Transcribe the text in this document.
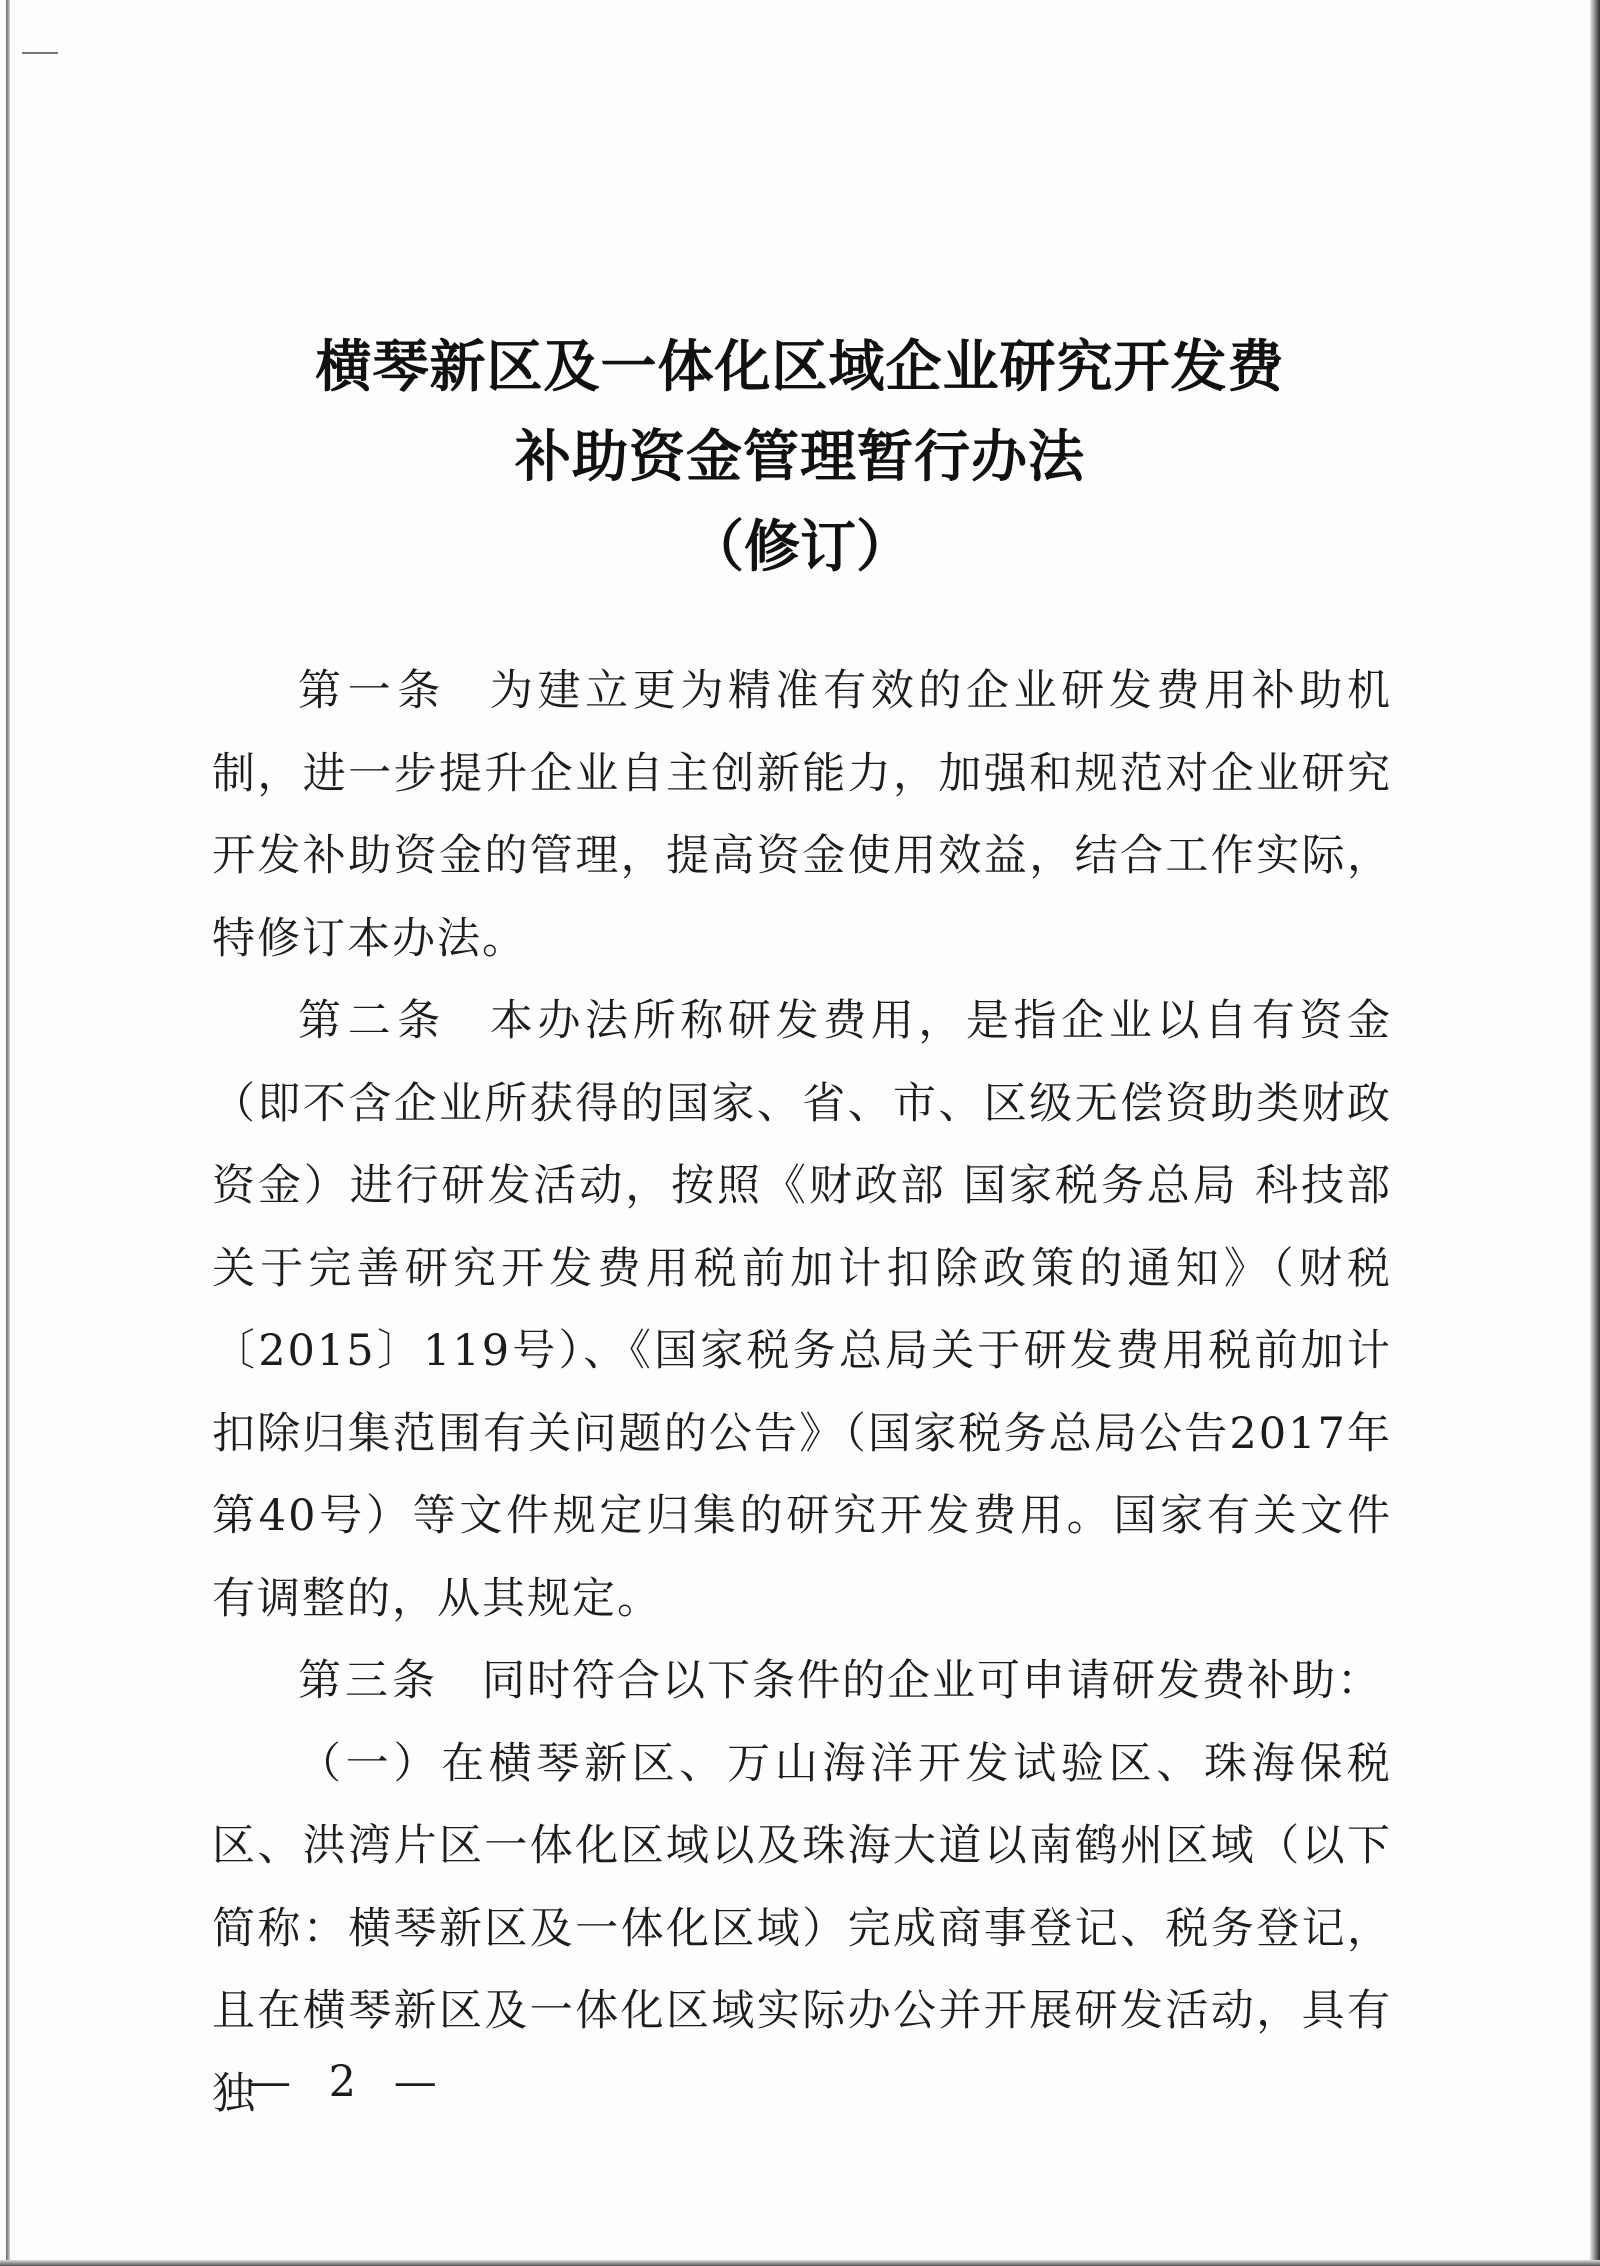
横琴新区及一体化区域企业研究开发费
补助资金管理暂行办法
（修订）

第一条 为建立更为精准有效的企业研发费用补助机制，进一步提升企业自主创新能力，加强和规范对企业研究开发补助资金的管理，提高资金使用效益，结合工作实际，特修订本办法。

第二条 本办法所称研发费用，是指企业以自有资金（即不含企业所获得的国家、省、市、区级无偿资助类财政资金）进行研发活动，按照《财政部 国家税务总局 科技部关于完善研究开发费用税前加计扣除政策的通知》（财税〔2015〕119号）、《国家税务总局关于研发费用税前加计扣除归集范围有关问题的公告》（国家税务总局公告2017年第40号）等文件规定归集的研究开发费用。国家有关文件有调整的，从其规定。

第三条 同时符合以下条件的企业可申请研发费补助：

（一）在横琴新区、万山海洋开发试验区、珠海保税区、洪湾片区一体化区域以及珠海大道以南鹤州区域（以下简称：横琴新区及一体化区域）完成商事登记、税务登记，且在横琴新区及一体化区域实际办公并开展研发活动，具有独

— 2 —
